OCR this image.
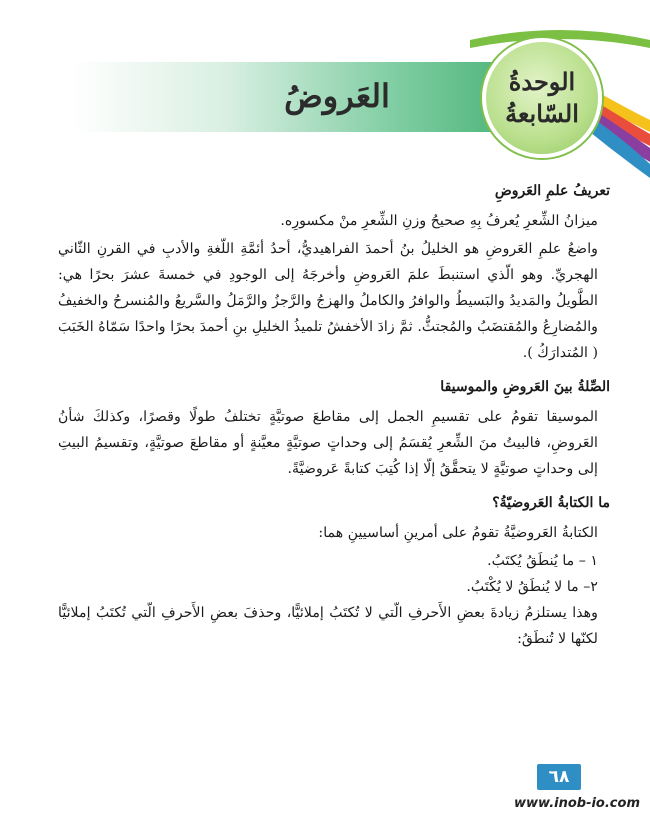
العَروضُ	الوحدةُ
السّابعةُ
تعريفُ علمِ العَروضِ

ميزانُ الشِّعرِ يُعرفُ بِهِ صحيحُ وزنِ الشِّعرِ منْ مكسورِه.

واضعُ علمِ العَروضِ هو الخليلُ بنُ أحمدَ الفراهيديُّ، أحدُ أئمَّةِ اللّغةِ والأدبِ في القرنِ الثّاني الهجريِّ. وهو الّذي استنبطَ علمَ العَروضِ وأخرجَهُ إلى الوجودِ في خمسةَ عشرَ بحرًا هي: الطَّويلُ والمَديدُ والبَسيطُ والوافرُ والكاملُ والهزجُ والرَّجزُ والرَّمَلُ والسَّريعُ والمُنسرحُ والخفيفُ والمُضارِعُ والمُقتضَبُ والمُجتثُّ. ثمَّ زادَ الأخفشُ تلميذُ الخليلِ بنِ أحمدَ بحرًا واحدًا سَمّاهُ الخَبَبَ ( المُتدارَكُ ).

الصِّلةُ بينَ العَروضِ والموسيقا

الموسيقا تقومُ على تقسيمِ الجمل إلى مقاطعَ صوتيَّةٍ تختلفُ طولًا وقصرًا، وكذلكَ شأنُ العَروضِ، فالبيتُ منَ الشِّعرِ يُقسَمُ إلى وحداتٍ صوتيَّةٍ معيَّنةٍ أو مقاطعَ صوتيَّةٍ، وتقسيمُ البيتِ إلى وحداتٍ صوتيَّةٍ لا يتحقَّقُ إلّا إذا كُتِبَ كتابةً عَروضيَّةً.

ما الكتابةُ العَروضيّةُ؟

الكتابةُ العَروضيَّةُ تقومُ على أمرينِ أساسيينِ هما:

١ – ما يُنطَقُ يُكتَبُ.

٢– ما لا يُنطَقُ لا يُكْتَبُ.

وهذا يستلزمُ زيادةَ بعضِ الأَحرفِ الّتي لا تُكتَبُ إملائيًّا، وحذفَ بعضِ الأَحرفِ الّتي تُكتَبُ إملائيًّا لكنّها لا تُنطَقُ:

٦٨
www.inob-io.com
